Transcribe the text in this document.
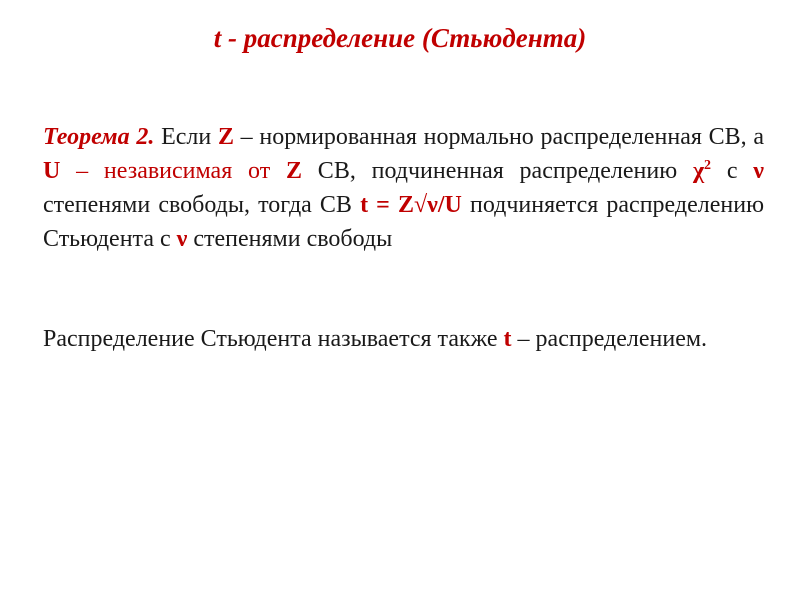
t - распределение (Стьюдента)

Теорема 2. Если Z – нормированная нормально распределенная СВ, а U – независимая от Z СВ, подчиненная распределению $\chi^2$ с ν степенями свободы, тогда СВ t = Z√ν/U подчиняется распределению Стьюдента с ν степенями свободы

Распределение Стьюдента называется также t – распределением.
